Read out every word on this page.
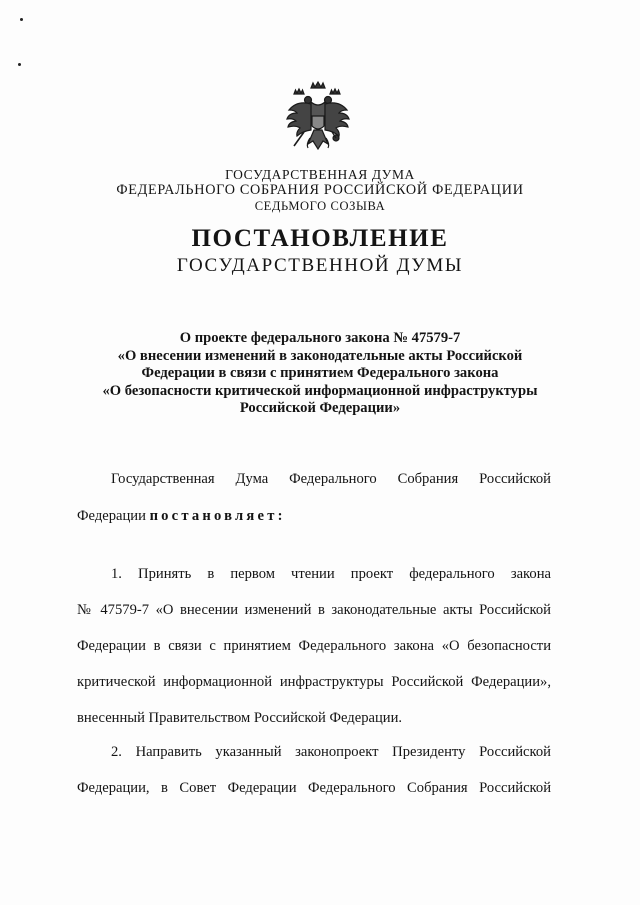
ГОСУДАРСТВЕННАЯ ДУМА
ФЕДЕРАЛЬНОГО СОБРАНИЯ РОССИЙСКОЙ ФЕДЕРАЦИИ
СЕДЬМОГО СОЗЫВА
ПОСТАНОВЛЕНИЕ
ГОСУДАРСТВЕННОЙ ДУМЫ
О проекте федерального закона № 47579-7
«О внесении изменений в законодательные акты Российской
Федерации в связи с принятием Федерального закона
«О безопасности критической информационной инфраструктуры
Российской Федерации»
Государственная Дума Федерального Собрания Российской
Федерации постановляет:
1. Принять в первом чтении проект федерального закона
№ 47579-7 «О внесении изменений в законодательные акты Российской
Федерации в связи с принятием Федерального закона «О безопасности
критической информационной инфраструктуры Российской Федерации»,
внесенный Правительством Российской Федерации.
2. Направить указанный законопроект Президенту Российской
Федерации, в Совет Федерации Федерального Собрания Российской
